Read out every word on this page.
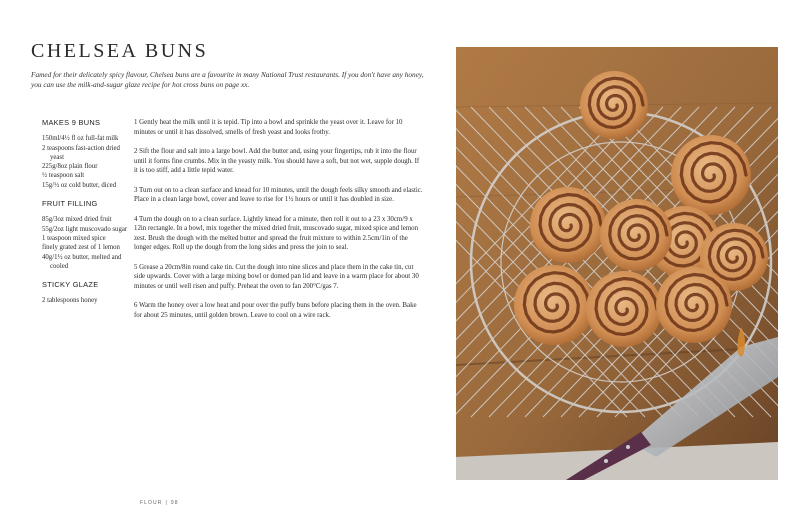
CHELSEA BUNS
Famed for their delicately spicy flavour, Chelsea buns are a favourite in many National Trust restaurants. If you don't have any honey, you can use the milk-and-sugar glaze recipe for hot cross buns on page xx.
MAKES 9 BUNS
150ml/4½ fl oz full-fat milk
2 teaspoons fast-action dried yeast
225g/8oz plain flour
½ teaspoon salt
15g/½ oz cold butter, diced
FRUIT FILLING
85g/3oz mixed dried fruit
55g/2oz light muscovado sugar
1 teaspoon mixed spice
finely grated zest of 1 lemon
40g/1½ oz butter, melted and cooled
STICKY GLAZE
2 tablespoons honey

1 Gently heat the milk until it is tepid. Tip into a bowl and sprinkle the yeast over it. Leave for 10 minutes or until it has dissolved, smells of fresh yeast and looks frothy.

2 Sift the flour and salt into a large bowl. Add the butter and, using your fingertips, rub it into the flour until it forms fine crumbs. Mix in the yeasty milk. You should have a soft, but not wet, supple dough. If it is too stiff, add a little tepid water.

3 Turn out on to a clean surface and knead for 10 minutes, until the dough feels silky smooth and elastic. Place in a clean large bowl, cover and leave to rise for 1½ hours or until it has doubled in size.

4 Turn the dough on to a clean surface. Lightly knead for a minute, then roll it out to a 23 x 30cm/9 x 12in rectangle. In a bowl, mix together the mixed dried fruit, muscovado sugar, mixed spice and lemon zest. Brush the dough with the melted butter and spread the fruit mixture to within 2.5cm/1in of the longer edges. Roll up the dough from the long sides and press the join to seal.

5 Grease a 20cm/8in round cake tin. Cut the dough into nine slices and place them in the cake tin, cut side upwards. Cover with a large mixing bowl or domed pan lid and leave in a warm place for about 30 minutes or until well risen and puffy. Preheat the oven to fan 200°C/gas 7.

6 Warm the honey over a low heat and pour over the puffy buns before placing them in the oven. Bake for about 25 minutes, until golden brown. Leave to cool on a wire rack.

FLOUR | 98
